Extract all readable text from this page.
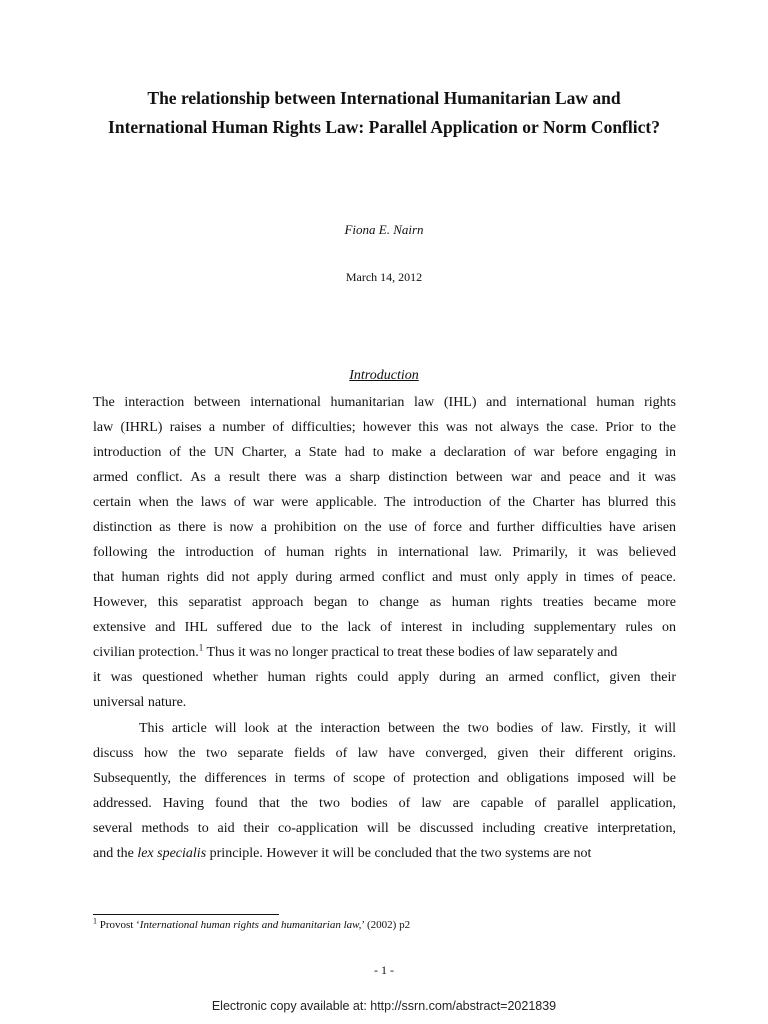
The relationship between International Humanitarian Law and
International Human Rights Law: Parallel Application or Norm Conflict?
Fiona E. Nairn
March 14, 2012
Introduction
The interaction between international humanitarian law (IHL) and international human rights
law (IHRL) raises a number of difficulties; however this was not always the case. Prior to the
introduction of the UN Charter, a State had to make a declaration of war before engaging in
armed conflict. As a result there was a sharp distinction between war and peace and it was
certain when the laws of war were applicable. The introduction of the Charter has blurred this
distinction as there is now a prohibition on the use of force and further difficulties have arisen
following the introduction of human rights in international law. Primarily, it was believed
that human rights did not apply during armed conflict and must only apply in times of peace.
However, this separatist approach began to change as human rights treaties became more
extensive and IHL suffered due to the lack of interest in including supplementary rules on
civilian protection.$^1$ Thus it was no longer practical to treat these bodies of law separately and
it was questioned whether human rights could apply during an armed conflict, given their
universal nature.
This article will look at the interaction between the two bodies of law. Firstly, it will
discuss how the two separate fields of law have converged, given their different origins.
Subsequently, the differences in terms of scope of protection and obligations imposed will be
addressed. Having found that the two bodies of law are capable of parallel application,
several methods to aid their co-application will be discussed including creative interpretation,
and the lex specialis principle. However it will be concluded that the two systems are not
$^1$ Provost ‘International human rights and humanitarian law,’ (2002) p2
- 1 -
Electronic copy available at: http://ssrn.com/abstract=2021839
